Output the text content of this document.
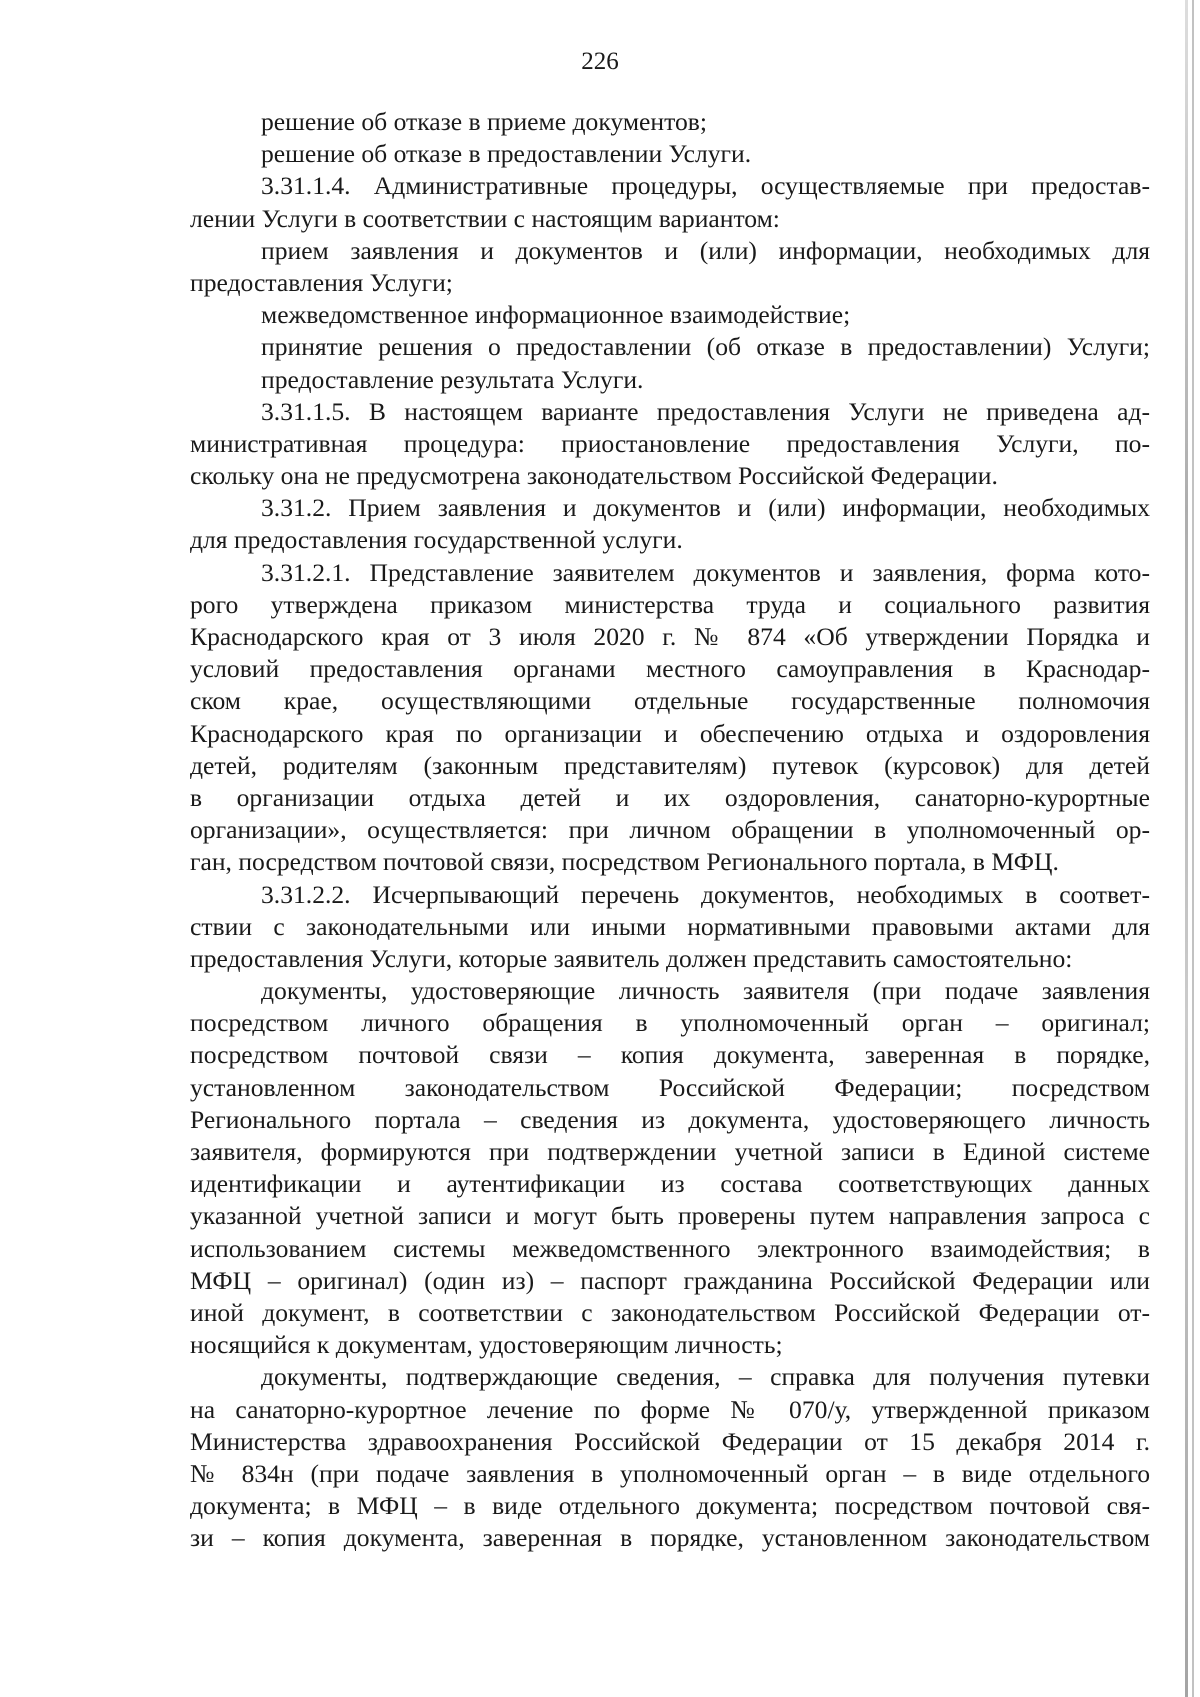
226
решение об отказе в приеме документов;
решение об отказе в предоставлении Услуги.
3.31.1.4. Административные процедуры, осуществляемые при предостав-
лении Услуги в соответствии с настоящим вариантом:
прием заявления и документов и (или) информации, необходимых для
предоставления Услуги;
межведомственное информационное взаимодействие;
принятие решения о предоставлении (об отказе в предоставлении) Услуги;
предоставление результата Услуги.
3.31.1.5. В настоящем варианте предоставления Услуги не приведена ад-
министративная процедура: приостановление предоставления Услуги, по-
скольку она не предусмотрена законодательством Российской Федерации.
3.31.2. Прием заявления и документов и (или) информации, необходимых
для предоставления государственной услуги.
3.31.2.1. Представление заявителем документов и заявления, форма кото-
рого утверждена приказом министерства труда и социального развития
Краснодарского края от 3 июля 2020 г. № 874 «Об утверждении Порядка и
условий предоставления органами местного самоуправления в Краснодар-
ском крае, осуществляющими отдельные государственные полномочия
Краснодарского края по организации и обеспечению отдыха и оздоровления
детей, родителям (законным представителям) путевок (курсовок) для детей
в организации отдыха детей и их оздоровления, санаторно-курортные
организации», осуществляется: при личном обращении в уполномоченный ор-
ган, посредством почтовой связи, посредством Регионального портала, в МФЦ.
3.31.2.2. Исчерпывающий перечень документов, необходимых в соответ-
ствии с законодательными или иными нормативными правовыми актами для
предоставления Услуги, которые заявитель должен представить самостоятельно:
документы, удостоверяющие личность заявителя (при подаче заявления
посредством личного обращения в уполномоченный орган – оригинал;
посредством почтовой связи – копия документа, заверенная в порядке,
установленном законодательством Российской Федерации; посредством
Регионального портала – сведения из документа, удостоверяющего личность
заявителя, формируются при подтверждении учетной записи в Единой системе
идентификации и аутентификации из состава соответствующих данных
указанной учетной записи и могут быть проверены путем направления запроса с
использованием системы межведомственного электронного взаимодействия; в
МФЦ – оригинал) (один из) – паспорт гражданина Российской Федерации или
иной документ, в соответствии с законодательством Российской Федерации от-
носящийся к документам, удостоверяющим личность;
документы, подтверждающие сведения, – справка для получения путевки
на санаторно-курортное лечение по форме № 070/у, утвержденной приказом
Министерства здравоохранения Российской Федерации от 15 декабря 2014 г.
№ 834н (при подаче заявления в уполномоченный орган – в виде отдельного
документа; в МФЦ – в виде отдельного документа; посредством почтовой свя-
зи – копия документа, заверенная в порядке, установленном законодательством
